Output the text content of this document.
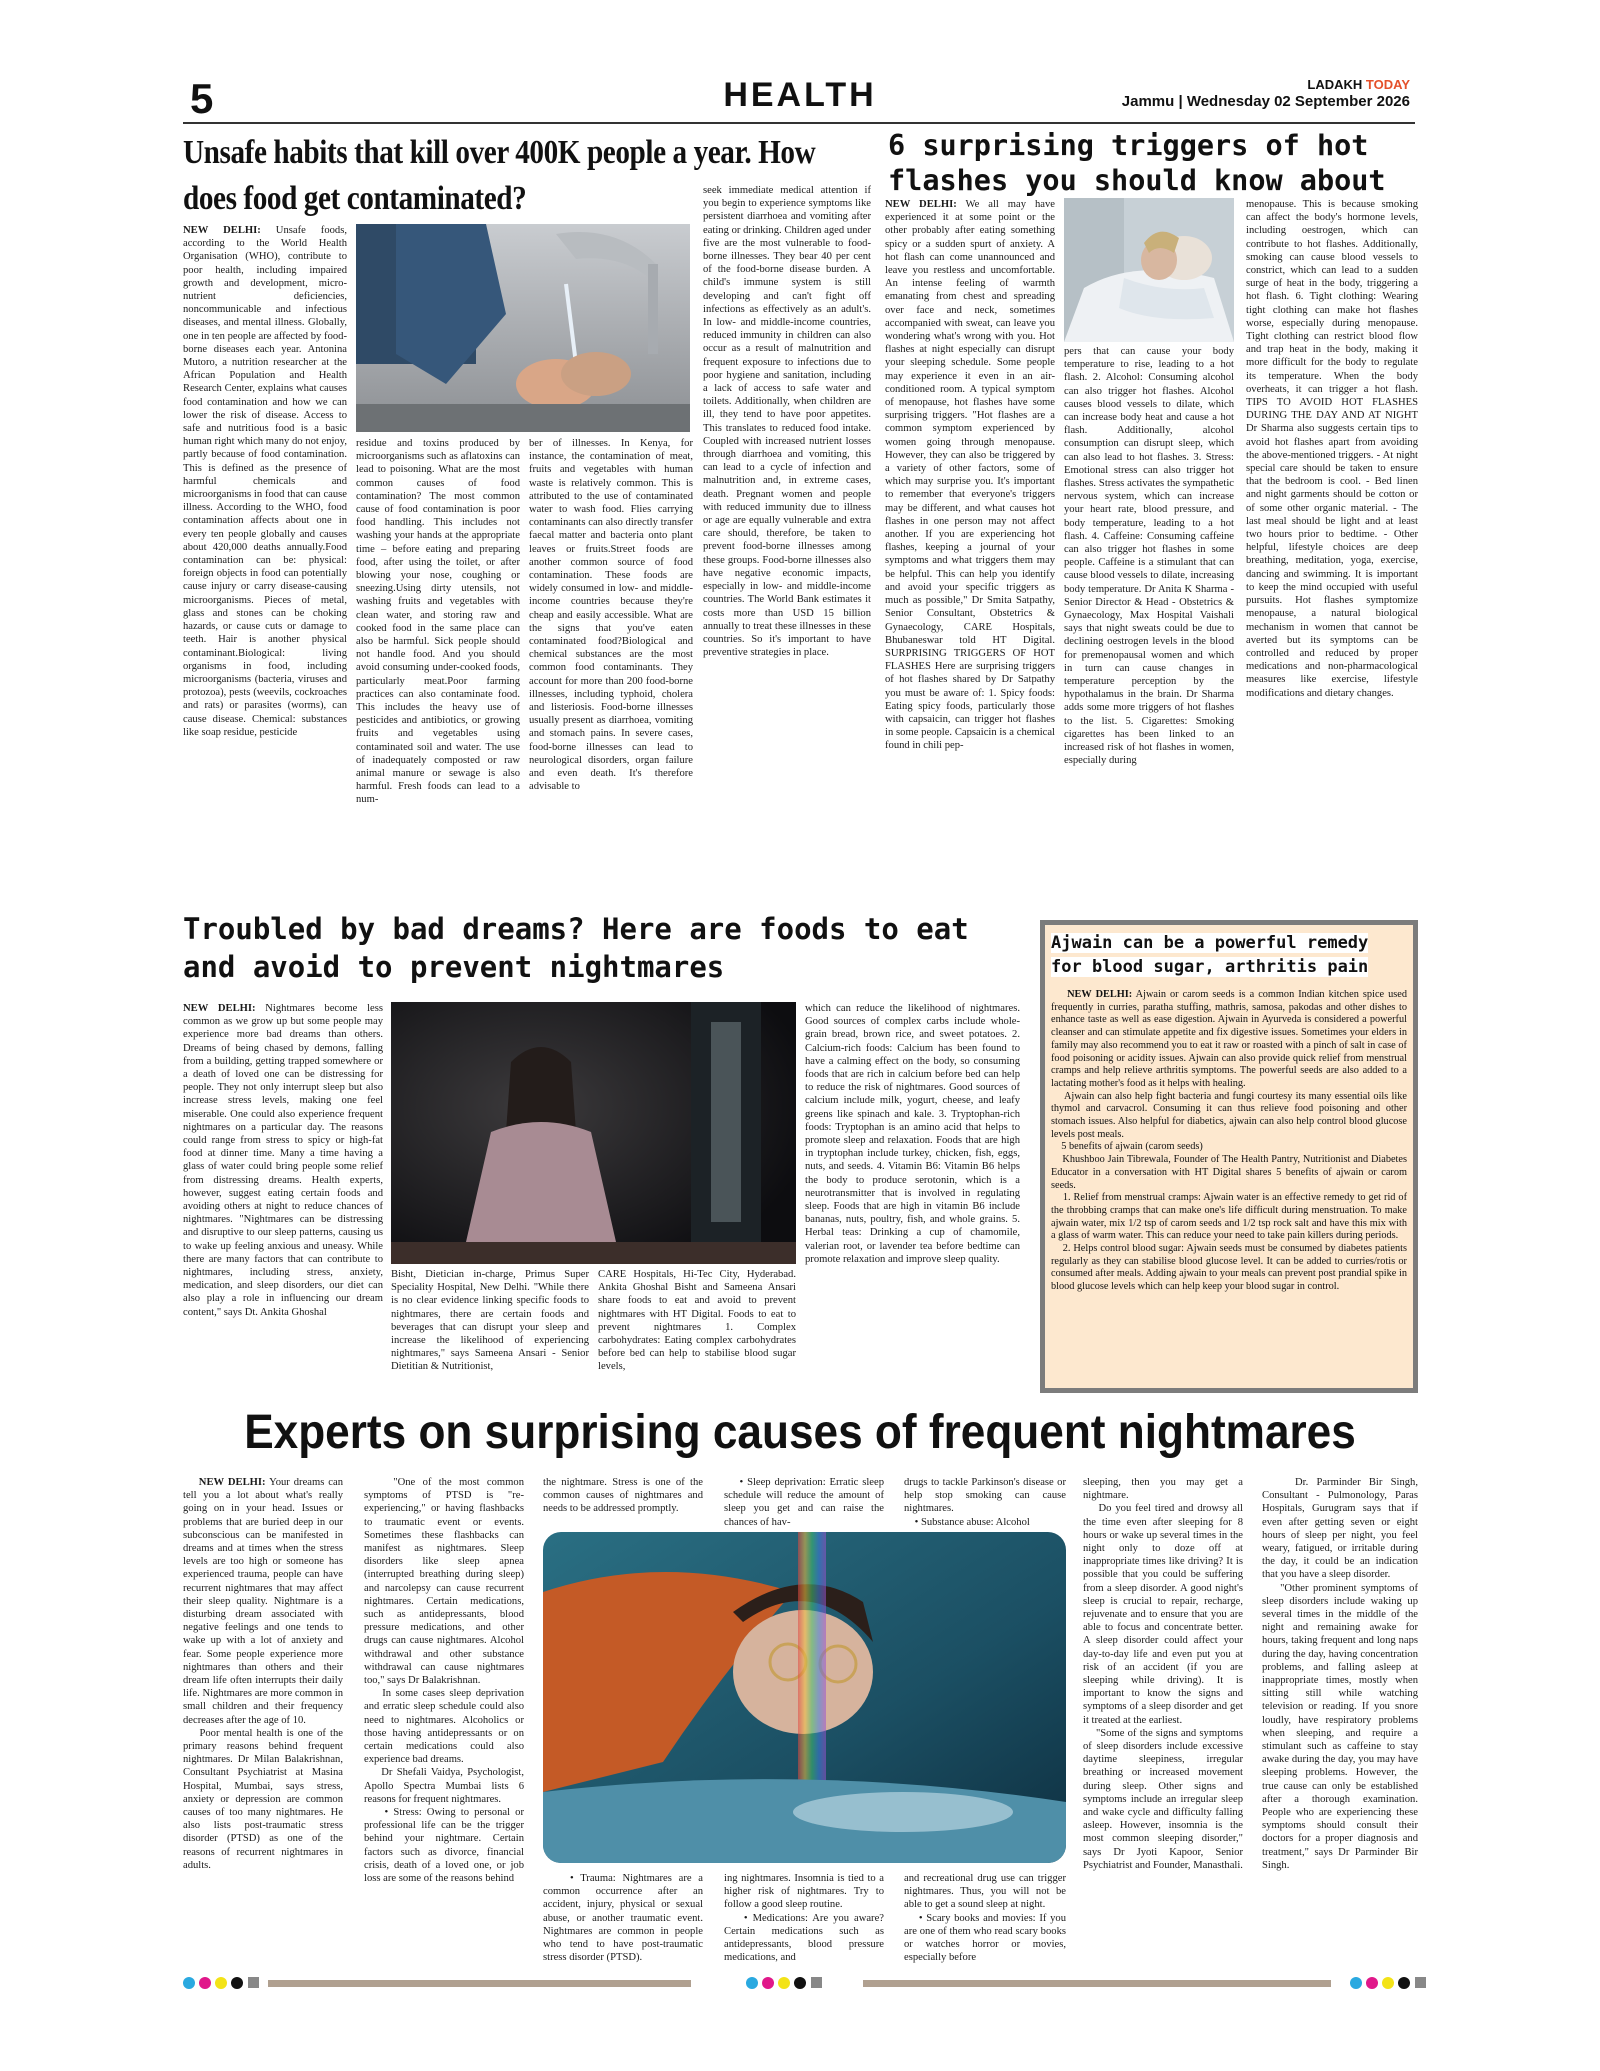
5	HEALTH	LADAKH TODAY
Jammu | Wednesday 02 September 2026
Unsafe habits that kill over 400K people a year. How does food get contaminated?
NEW DELHI: Unsafe foods, according to the World Health Organisation (WHO), contribute to poor health, including impaired growth and development, micro-nutrient deficiencies, noncommunicable and infectious diseases, and mental illness. Globally, one in ten people are affected by food-borne diseases each year. Antonina Mutoro, a nutrition researcher at the African Population and Health Research Center, explains what causes food contamination and how we can lower the risk of disease. Access to safe and nutritious food is a basic human right which many do not enjoy, partly because of food contamination. This is defined as the presence of harmful chemicals and microorganisms in food that can cause illness. According to the WHO, food contamination affects about one in every ten people globally and causes about 420,000 deaths annually.Food contamination can be: physical: foreign objects in food can potentially cause injury or carry disease-causing microorganisms. Pieces of metal, glass and stones can be choking hazards, or cause cuts or damage to teeth. Hair is another physical contaminant.Biological: living organisms in food, including microorganisms (bacteria, viruses and protozoa), pests (weevils, cockroaches and rats) or parasites (worms), can cause disease. Chemical: substances like soap residue, pesticide
residue and toxins produced by microorganisms such as aflatoxins can lead to poisoning. What are the most common causes of food contamination? The most common cause of food contamination is poor food handling. This includes not washing your hands at the appropriate time – before eating and preparing food, after using the toilet, or after blowing your nose, coughing or sneezing.Using dirty utensils, not washing fruits and vegetables with clean water, and storing raw and cooked food in the same place can also be harmful. Sick people should not handle food. And you should avoid consuming under-cooked foods, particularly meat.Poor farming practices can also contaminate food. This includes the heavy use of pesticides and antibiotics, or growing fruits and vegetables using contaminated soil and water. The use of inadequately composted or raw animal manure or sewage is also harmful. Fresh foods can lead to a num-
ber of illnesses. In Kenya, for instance, the contamination of meat, fruits and vegetables with human waste is relatively common. This is attributed to the use of contaminated water to wash food. Flies carrying contaminants can also directly transfer faecal matter and bacteria onto plant leaves or fruits.Street foods are another common source of food contamination. These foods are widely consumed in low- and middle-income countries because they're cheap and easily accessible. What are the signs that you've eaten contaminated food?Biological and chemical substances are the most common food contaminants. They account for more than 200 food-borne illnesses, including typhoid, cholera and listeriosis. Food-borne illnesses usually present as diarrhoea, vomiting and stomach pains. In severe cases, food-borne illnesses can lead to neurological disorders, organ failure and even death. It's therefore advisable to
seek immediate medical attention if you begin to experience symptoms like persistent diarrhoea and vomiting after eating or drinking. Children aged under five are the most vulnerable to food-borne illnesses. They bear 40 per cent of the food-borne disease burden. A child's immune system is still developing and can't fight off infections as effectively as an adult's. In low- and middle-income countries, reduced immunity in children can also occur as a result of malnutrition and frequent exposure to infections due to poor hygiene and sanitation, including a lack of access to safe water and toilets. Additionally, when children are ill, they tend to have poor appetites. This translates to reduced food intake. Coupled with increased nutrient losses through diarrhoea and vomiting, this can lead to a cycle of infection and malnutrition and, in extreme cases, death. Pregnant women and people with reduced immunity due to illness or age are equally vulnerable and extra care should, therefore, be taken to prevent food-borne illnesses among these groups. Food-borne illnesses also have negative economic impacts, especially in low- and middle-income countries. The World Bank estimates it costs more than USD 15 billion annually to treat these illnesses in these countries. So it's important to have preventive strategies in place.
6 surprising triggers of hot flashes you should know about
NEW DELHI: We all may have experienced it at some point or the other probably after eating something spicy or a sudden spurt of anxiety. A hot flash can come unannounced and leave you restless and uncomfortable. An intense feeling of warmth emanating from chest and spreading over face and neck, sometimes accompanied with sweat, can leave you wondering what's wrong with you. Hot flashes at night especially can disrupt your sleeping schedule. Some people may experience it even in an air-conditioned room. A typical symptom of menopause, hot flashes have some surprising triggers. "Hot flashes are a common symptom experienced by women going through menopause. However, they can also be triggered by a variety of other factors, some of which may surprise you. It's important to remember that everyone's triggers may be different, and what causes hot flashes in one person may not affect another. If you are experiencing hot flashes, keeping a journal of your symptoms and what triggers them may be helpful. This can help you identify and avoid your specific triggers as much as possible," Dr Smita Satpathy, Senior Consultant, Obstetrics & Gynaecology, CARE Hospitals, Bhubaneswar told HT Digital. SURPRISING TRIGGERS OF HOT FLASHES Here are surprising triggers of hot flashes shared by Dr Satpathy you must be aware of: 1. Spicy foods: Eating spicy foods, particularly those with capsaicin, can trigger hot flashes in some people. Capsaicin is a chemical found in chili pep-
pers that can cause your body temperature to rise, leading to a hot flash. 2. Alcohol: Consuming alcohol can also trigger hot flashes. Alcohol causes blood vessels to dilate, which can increase body heat and cause a hot flash. Additionally, alcohol consumption can disrupt sleep, which can also lead to hot flashes. 3. Stress: Emotional stress can also trigger hot flashes. Stress activates the sympathetic nervous system, which can increase your heart rate, blood pressure, and body temperature, leading to a hot flash. 4. Caffeine: Consuming caffeine can also trigger hot flashes in some people. Caffeine is a stimulant that can cause blood vessels to dilate, increasing body temperature. Dr Anita K Sharma - Senior Director & Head - Obstetrics & Gynaecology, Max Hospital Vaishali says that night sweats could be due to declining oestrogen levels in the blood for premenopausal women and which in turn can cause changes in temperature perception by the hypothalamus in the brain. Dr Sharma adds some more triggers of hot flashes to the list. 5. Cigarettes: Smoking cigarettes has been linked to an increased risk of hot flashes in women, especially during
menopause. This is because smoking can affect the body's hormone levels, including oestrogen, which can contribute to hot flashes. Additionally, smoking can cause blood vessels to constrict, which can lead to a sudden surge of heat in the body, triggering a hot flash. 6. Tight clothing: Wearing tight clothing can make hot flashes worse, especially during menopause. Tight clothing can restrict blood flow and trap heat in the body, making it more difficult for the body to regulate its temperature. When the body overheats, it can trigger a hot flash. TIPS TO AVOID HOT FLASHES DURING THE DAY AND AT NIGHT Dr Sharma also suggests certain tips to avoid hot flashes apart from avoiding the above-mentioned triggers. - At night special care should be taken to ensure that the bedroom is cool. - Bed linen and night garments should be cotton or of some other organic material. - The last meal should be light and at least two hours prior to bedtime. - Other helpful, lifestyle choices are deep breathing, meditation, yoga, exercise, dancing and swimming. It is important to keep the mind occupied with useful pursuits. Hot flashes symptomize menopause, a natural biological mechanism in women that cannot be averted but its symptoms can be controlled and reduced by proper medications and non-pharmacological measures like exercise, lifestyle modifications and dietary changes.
Troubled by bad dreams? Here are foods to eat and avoid to prevent nightmares
NEW DELHI: Nightmares become less common as we grow up but some people may experience more bad dreams than others. Dreams of being chased by demons, falling from a building, getting trapped somewhere or a death of loved one can be distressing for people. They not only interrupt sleep but also increase stress levels, making one feel miserable. One could also experience frequent nightmares on a particular day. The reasons could range from stress to spicy or high-fat food at dinner time. Many a time having a glass of water could bring people some relief from distressing dreams. Health experts, however, suggest eating certain foods and avoiding others at night to reduce chances of nightmares. "Nightmares can be distressing and disruptive to our sleep patterns, causing us to wake up feeling anxious and uneasy. While there are many factors that can contribute to nightmares, including stress, anxiety, medication, and sleep disorders, our diet can also play a role in influencing our dream content," says Dt. Ankita Ghoshal
Bisht, Dietician in-charge, Primus Super Speciality Hospital, New Delhi. "While there is no clear evidence linking specific foods to nightmares, there are certain foods and beverages that can disrupt your sleep and increase the likelihood of experiencing nightmares," says Sameena Ansari - Senior Dietitian & Nutritionist,
CARE Hospitals, Hi-Tec City, Hyderabad. Ankita Ghoshal Bisht and Sameena Ansari share foods to eat and avoid to prevent nightmares with HT Digital. Foods to eat to prevent nightmares 1. Complex carbohydrates: Eating complex carbohydrates before bed can help to stabilise blood sugar levels,
which can reduce the likelihood of nightmares. Good sources of complex carbs include whole-grain bread, brown rice, and sweet potatoes. 2. Calcium-rich foods: Calcium has been found to have a calming effect on the body, so consuming foods that are rich in calcium before bed can help to reduce the risk of nightmares. Good sources of calcium include milk, yogurt, cheese, and leafy greens like spinach and kale. 3. Tryptophan-rich foods: Tryptophan is an amino acid that helps to promote sleep and relaxation. Foods that are high in tryptophan include turkey, chicken, fish, eggs, nuts, and seeds. 4. Vitamin B6: Vitamin B6 helps the body to produce serotonin, which is a neurotransmitter that is involved in regulating sleep. Foods that are high in vitamin B6 include bananas, nuts, poultry, fish, and whole grains. 5. Herbal teas: Drinking a cup of chamomile, valerian root, or lavender tea before bedtime can promote relaxation and improve sleep quality.
Ajwain can be a powerful remedy for blood sugar, arthritis pain
NEW DELHI: Ajwain or carom seeds is a common Indian kitchen spice used frequently in curries, paratha stuffing, mathris, samosa, pakodas and other dishes to enhance taste as well as ease digestion. Ajwain in Ayurveda is considered a powerful cleanser and can stimulate appetite and fix digestive issues. Sometimes your elders in family may also recommend you to eat it raw or roasted with a pinch of salt in case of food poisoning or acidity issues. Ajwain can also provide quick relief from menstrual cramps and help relieve arthritis symptoms. The powerful seeds are also added to a lactating mother's food as it helps with healing.
Ajwain can also help fight bacteria and fungi courtesy its many essential oils like thymol and carvacrol. Consuming it can thus relieve food poisoning and other stomach issues. Also helpful for diabetics, ajwain can also help control blood glucose levels post meals.
5 benefits of ajwain (carom seeds)
Khushboo Jain Tibrewala, Founder of The Health Pantry, Nutritionist and Diabetes Educator in a conversation with HT Digital shares 5 benefits of ajwain or carom seeds.
1. Relief from menstrual cramps: Ajwain water is an effective remedy to get rid of the throbbing cramps that can make one's life difficult during menstruation. To make ajwain water, mix 1/2 tsp of carom seeds and 1/2 tsp rock salt and have this mix with a glass of warm water. This can reduce your need to take pain killers during periods.
2. Helps control blood sugar: Ajwain seeds must be consumed by diabetes patients regularly as they can stabilise blood glucose level. It can be added to curries/rotis or consumed after meals. Adding ajwain to your meals can prevent post prandial spike in blood glucose levels which can help keep your blood sugar in control.
Experts on surprising causes of frequent nightmares
NEW DELHI: Your dreams can tell you a lot about what's really going on in your head. Issues or problems that are buried deep in our subconscious can be manifested in dreams and at times when the stress levels are too high or someone has experienced trauma, people can have recurrent nightmares that may affect their sleep quality. Nightmare is a disturbing dream associated with negative feelings and one tends to wake up with a lot of anxiety and fear. Some people experience more nightmares than others and their dream life often interrupts their daily life. Nightmares are more common in small children and their frequency decreases after the age of 10.
Poor mental health is one of the primary reasons behind frequent nightmares. Dr Milan Balakrishnan, Consultant Psychiatrist at Masina Hospital, Mumbai, says stress, anxiety or depression are common causes of too many nightmares. He also lists post-traumatic stress disorder (PTSD) as one of the reasons of recurrent nightmares in adults.
"One of the most common symptoms of PTSD is "re-experiencing," or having flashbacks to traumatic event or events. Sometimes these flashbacks can manifest as nightmares. Sleep disorders like sleep apnea (interrupted breathing during sleep) and narcolepsy can cause recurrent nightmares. Certain medications, such as antidepressants, blood pressure medications, and other drugs can cause nightmares. Alcohol withdrawal and other substance withdrawal can cause nightmares too," says Dr Balakrishnan.
In some cases sleep deprivation and erratic sleep schedule could also need to nightmares. Alcoholics or those having antidepressants or on certain medications could also experience bad dreams.
Dr Shefali Vaidya, Psychologist, Apollo Spectra Mumbai lists 6 reasons for frequent nightmares.
• Stress: Owing to personal or professional life can be the trigger behind your nightmare. Certain factors such as divorce, financial crisis, death of a loved one, or job loss are some of the reasons behind
the nightmare. Stress is one of the common causes of nightmares and needs to be addressed promptly.
• Sleep deprivation: Erratic sleep schedule will reduce the amount of sleep you get and can raise the chances of hav-
drugs to tackle Parkinson's disease or help stop smoking can cause nightmares.
• Substance abuse: Alcohol
• Trauma: Nightmares are a common occurrence after an accident, injury, physical or sexual abuse, or another traumatic event. Nightmares are common in people who tend to have post-traumatic stress disorder (PTSD).
ing nightmares. Insomnia is tied to a higher risk of nightmares. Try to follow a good sleep routine.
• Medications: Are you aware? Certain medications such as antidepressants, blood pressure medications, and
and recreational drug use can trigger nightmares. Thus, you will not be able to get a sound sleep at night.
• Scary books and movies: If you are one of them who read scary books or watches horror or movies, especially before
sleeping, then you may get a nightmare.
Do you feel tired and drowsy all the time even after sleeping for 8 hours or wake up several times in the night only to doze off at inappropriate times like driving? It is possible that you could be suffering from a sleep disorder. A good night's sleep is crucial to repair, recharge, rejuvenate and to ensure that you are able to focus and concentrate better. A sleep disorder could affect your day-to-day life and even put you at risk of an accident (if you are sleeping while driving). It is important to know the signs and symptoms of a sleep disorder and get it treated at the earliest.
"Some of the signs and symptoms of sleep disorders include excessive daytime sleepiness, irregular breathing or increased movement during sleep. Other signs and symptoms include an irregular sleep and wake cycle and difficulty falling asleep. However, insomnia is the most common sleeping disorder," says Dr Jyoti Kapoor, Senior Psychiatrist and Founder, Manasthali.
Dr. Parminder Bir Singh, Consultant - Pulmonology, Paras Hospitals, Gurugram says that if even after getting seven or eight hours of sleep per night, you feel weary, fatigued, or irritable during the day, it could be an indication that you have a sleep disorder.
"Other prominent symptoms of sleep disorders include waking up several times in the middle of the night and remaining awake for hours, taking frequent and long naps during the day, having concentration problems, and falling asleep at inappropriate times, mostly when sitting still while watching television or reading. If you snore loudly, have respiratory problems when sleeping, and require a stimulant such as caffeine to stay awake during the day, you may have sleeping problems. However, the true cause can only be established after a thorough examination. People who are experiencing these symptoms should consult their doctors for a proper diagnosis and treatment," says Dr Parminder Bir Singh.
